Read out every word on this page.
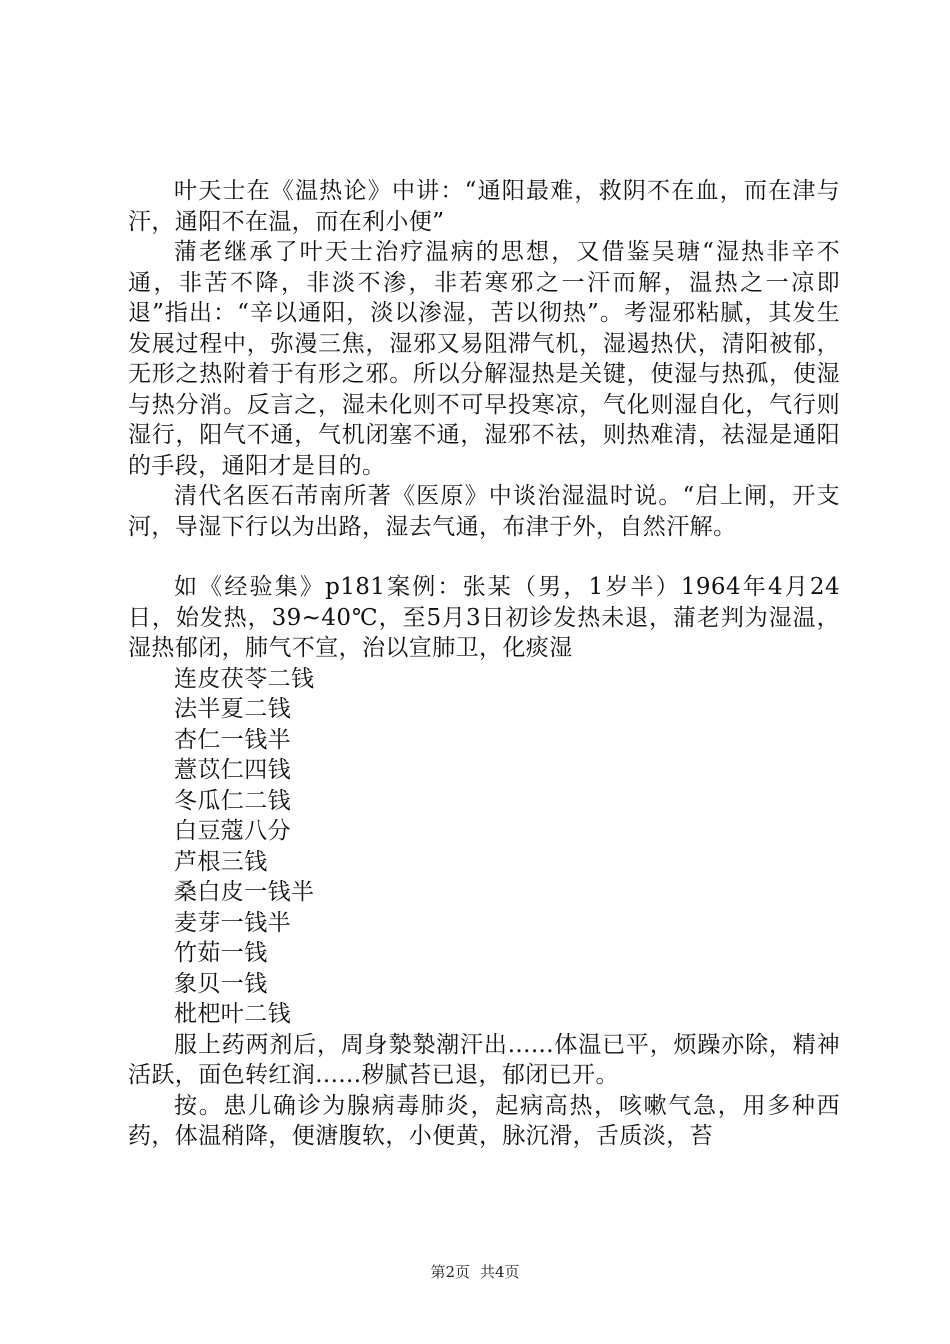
叶天士在《温热论》中讲：“通阳最难，救阴不在血，而在津与汗，通阳不在温，而在利小便”

蒲老继承了叶天士治疗温病的思想，又借鉴吴瑭“湿热非辛不通，非苦不降，非淡不渗，非若寒邪之一汗而解，温热之一凉即退”指出：“辛以通阳，淡以渗湿，苦以彻热”。考湿邪粘腻，其发生发展过程中，弥漫三焦，湿邪又易阻滞气机，湿遏热伏，清阳被郁，无形之热附着于有形之邪。所以分解湿热是关键，使湿与热孤，使湿与热分消。反言之，湿未化则不可早投寒凉，气化则湿自化，气行则湿行，阳气不通，气机闭塞不通，湿邪不祛，则热难清，祛湿是通阳的手段，通阳才是目的。

清代名医石芾南所著《医原》中谈治湿温时说。“启上闸，开支河，导湿下行以为出路，湿去气通，布津于外，自然汗解。

如《经验集》p181案例：张某（男，1岁半）1964年4月24日，始发热，39~40℃，至5月3日初诊发热未退，蒲老判为湿温，湿热郁闭，肺气不宣，治以宣肺卫，化痰湿

连皮茯苓二钱
法半夏二钱
杏仁一钱半
薏苡仁四钱
冬瓜仁二钱
白豆蔻八分
芦根三钱
桑白皮一钱半
麦芽一钱半
竹茹一钱
象贝一钱
枇杷叶二钱

服上药两剂后，周身漐漐潮汗出......体温已平，烦躁亦除，精神活跃，面色转红润......秽腻苔已退，郁闭已开。

按。患儿确诊为腺病毒肺炎，起病高热，咳嗽气急，用多种西药，体温稍降，便溏腹软，小便黄，脉沉滑，舌质淡，苔

第2页 共4页
